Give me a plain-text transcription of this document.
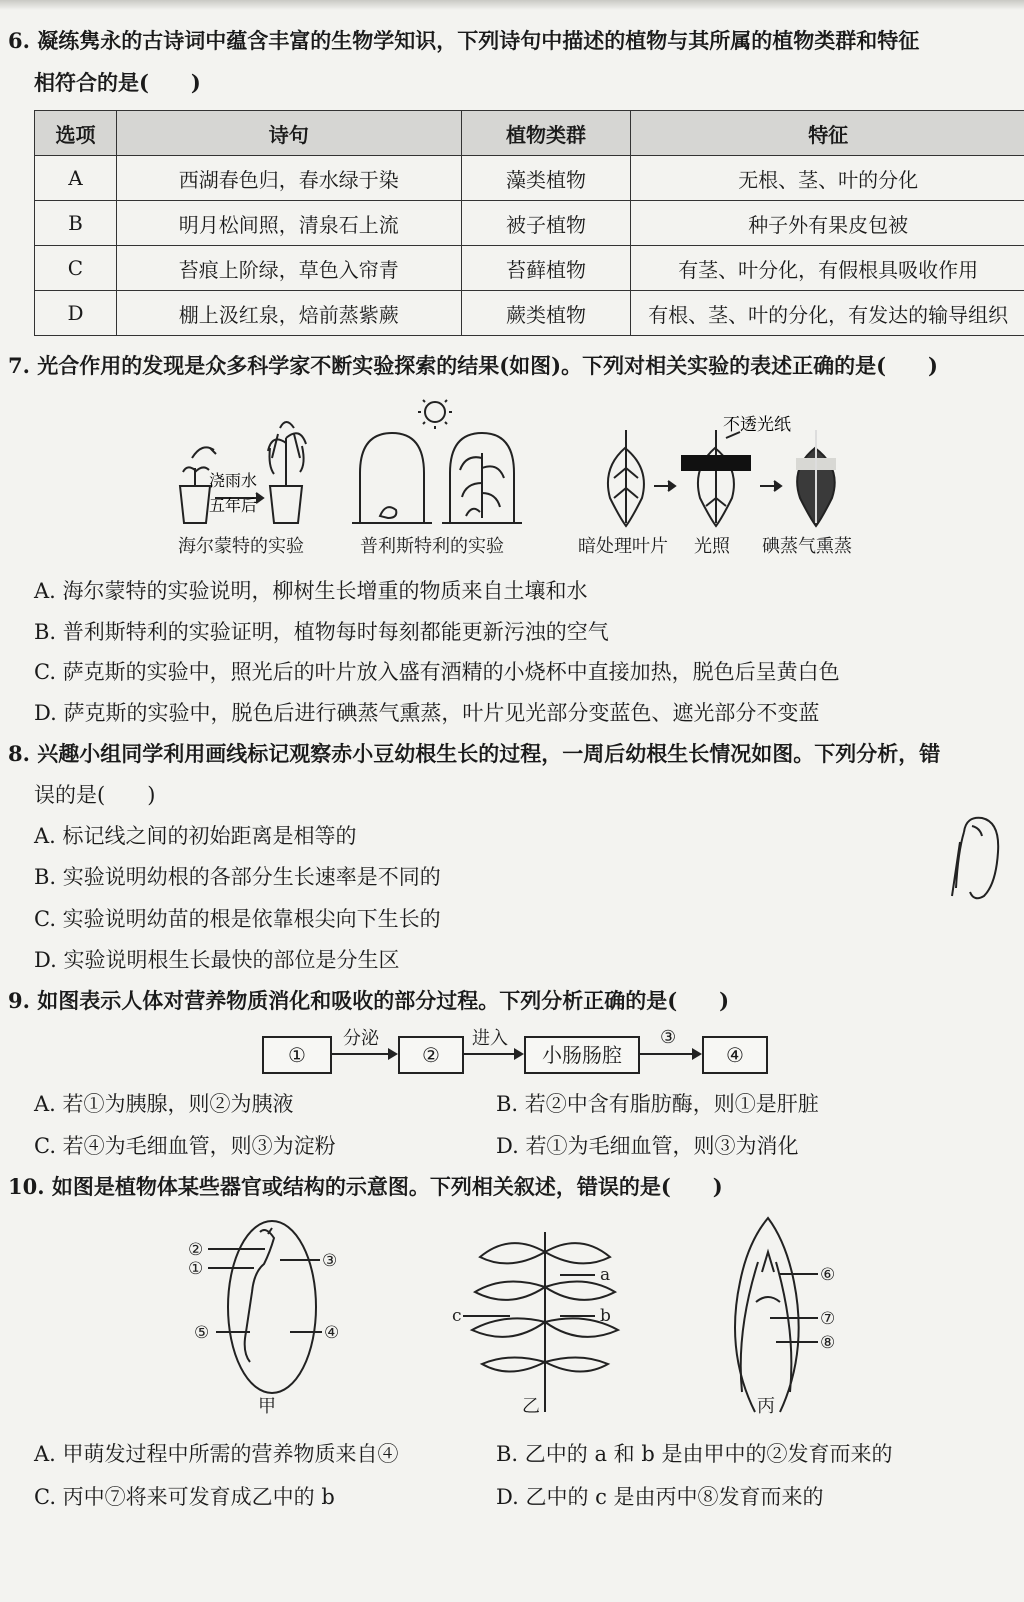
6. 凝练隽永的古诗词中蕴含丰富的生物学知识，下列诗句中描述的植物与其所属的植物类群和特征
相符合的是(　　)
选项	诗句	植物类群	特征
A	西湖春色归，春水绿于染	藻类植物	无根、茎、叶的分化
B	明月松间照，清泉石上流	被子植物	种子外有果皮包被
C	苔痕上阶绿，草色入帘青	苔藓植物	有茎、叶分化，有假根具吸收作用
D	棚上汲红泉，焙前蒸紫蕨	蕨类植物	有根、茎、叶的分化，有发达的输导组织
7. 光合作用的发现是众多科学家不断实验探索的结果(如图)。下列对相关实验的表述正确的是(　　)
浇雨水
五年后
不透光纸
海尔蒙特的实验	普利斯特利的实验	暗处理叶片 光照 碘蒸气熏蒸
A. 海尔蒙特的实验说明，柳树生长增重的物质来自土壤和水
B. 普利斯特利的实验证明，植物每时每刻都能更新污浊的空气
C. 萨克斯的实验中，照光后的叶片放入盛有酒精的小烧杯中直接加热，脱色后呈黄白色
D. 萨克斯的实验中，脱色后进行碘蒸气熏蒸，叶片见光部分变蓝色、遮光部分不变蓝
8. 兴趣小组同学利用画线标记观察赤小豆幼根生长的过程，一周后幼根生长情况如图。下列分析，错
误的是(　　)
A. 标记线之间的初始距离是相等的
B. 实验说明幼根的各部分生长速率是不同的
C. 实验说明幼苗的根是依靠根尖向下生长的
D. 实验说明根生长最快的部位是分生区
9. 如图表示人体对营养物质消化和吸收的部分过程。下列分析正确的是(　　)
①
分泌
②
进入
小肠肠腔
③
④
A. 若①为胰腺，则②为胰液	B. 若②中含有脂肪酶，则①是肝脏
C. 若④为毛细血管，则③为淀粉	D. 若①为毛细血管，则③为消化
10. 如图是植物体某些器官或结构的示意图。下列相关叙述，错误的是(　　)
②
①	③
⑤	④
a
b
c
⑥
⑦
⑧
甲	乙	丙
A. 甲萌发过程中所需的营养物质来自④	B. 乙中的 a 和 b 是由甲中的②发育而来的
C. 丙中⑦将来可发育成乙中的 b	D. 乙中的 c 是由丙中⑧发育而来的
